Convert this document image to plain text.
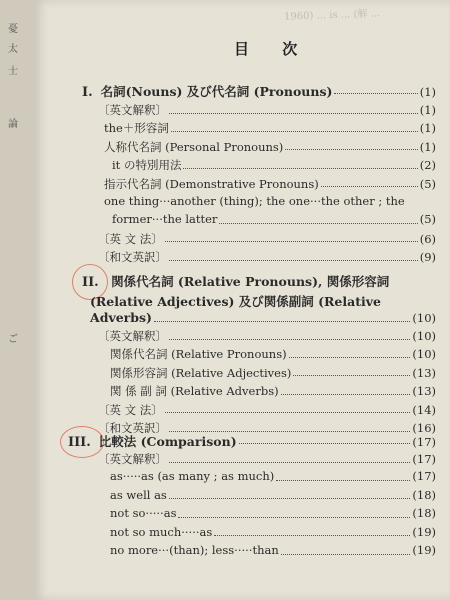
憂
太
士
論
ご
1960) ... is ... (解 ...
目 次
I. 名詞(Nouns) 及び代名詞 (Pronouns)	(1)
〔英文解釈〕	(1)
the＋形容詞	(1)
人称代名詞 (Personal Pronouns)	(1)
it の特別用法	(2)
指示代名詞 (Demonstrative Pronouns)	(5)
one thing···another (thing); the one···the other ; the
former···the latter	(5)
〔英 文 法〕	(6)
〔和文英訳〕	(9)
II. 関係代名詞 (Relative Pronouns), 関係形容詞
(Relative Adjectives) 及び関係副詞 (Relative
Adverbs)	(10)
〔英文解釈〕	(10)
関係代名詞 (Relative Pronouns)	(10)
関係形容詞 (Relative Adjectives)	(13)
関 係 副 詞 (Relative Adverbs)	(13)
〔英 文 法〕	(14)
〔和文英訳〕	(16)
III. 比較法 (Comparison)	(17)
〔英文解釈〕	(17)
as·····as (as many ; as much)	(17)
as well as	(18)
not so·····as	(18)
not so much·····as	(19)
no more···(than); less·····than	(19)
